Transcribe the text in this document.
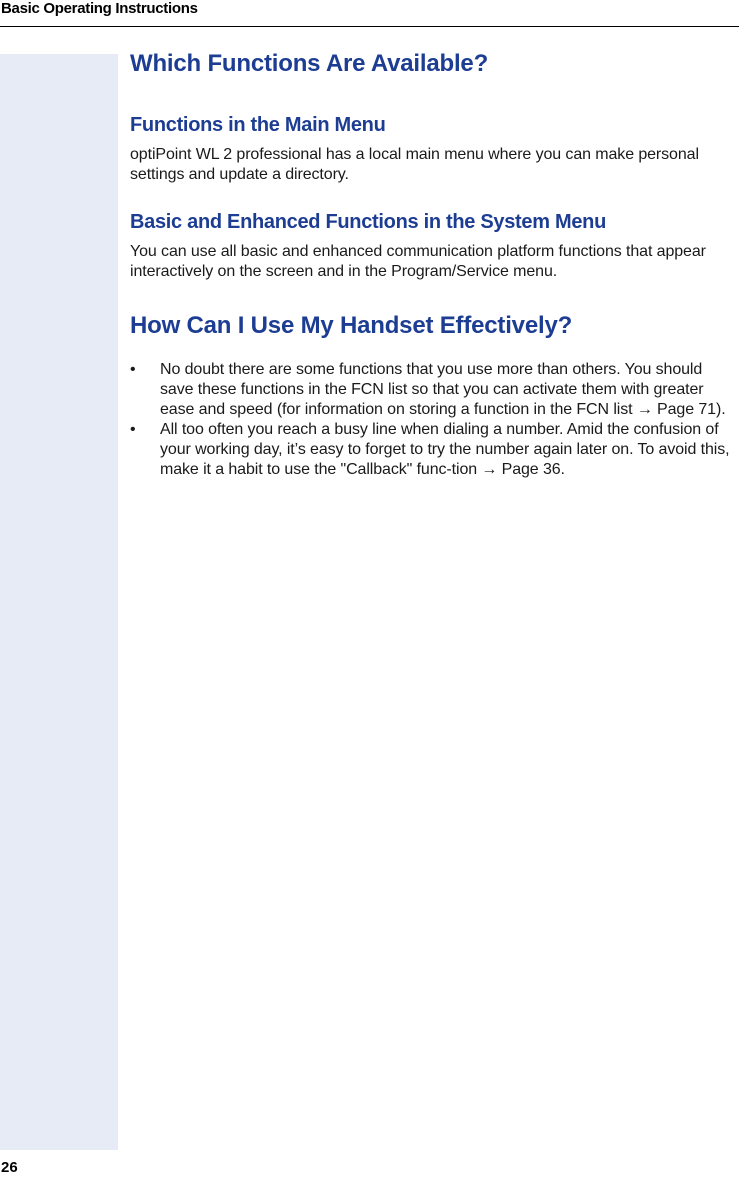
Basic Operating Instructions
Which Functions Are Available?
Functions in the Main Menu

optiPoint WL 2 professional has a local main menu where you can make personal settings and update a directory.

Basic and Enhanced Functions in the System Menu

You can use all basic and enhanced communication platform functions that appear interactively on the screen and in the Program/Service menu.

How Can I Use My Handset Effectively?
• No doubt there are some functions that you use more than others. You should save these functions in the FCN list so that you can activate them with greater ease and speed (for information on storing a function in the FCN list → Page 71).
• All too often you reach a busy line when dialing a number. Amid the confusion of your working day, it’s easy to forget to try the number again later on. To avoid this, make it a habit to use the "Callback" func-tion → Page 36.
26
